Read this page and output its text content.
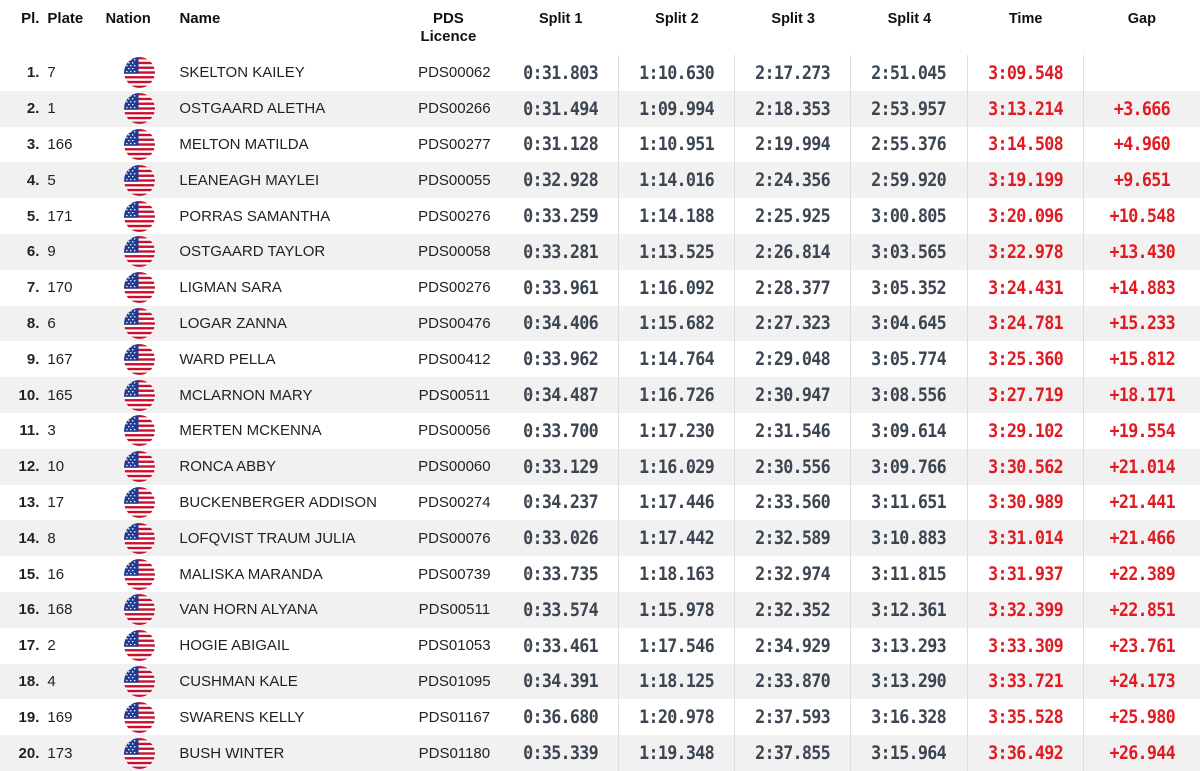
Pl. Plate	Nation	Name	PDS
Licence
Split 1	Split 2	Split 3	Split 4	Time	Gap
1. 7	SKELTON KAILEY	PDS00062	0:31.803 1:10.630 2:17.273 2:51.045 3:09.548
2. 1	OSTGAARD ALETHA	PDS00266	0:31.494 1:09.994 2:18.353 2:53.957 3:13.214	+3.666
3. 166	MELTON MATILDA	PDS00277	0:31.128 1:10.951 2:19.994 2:55.376 3:14.508	+4.960
4. 5	LEANEAGH MAYLEI	PDS00055	0:32.928 1:14.016 2:24.356 2:59.920 3:19.199	+9.651
5. 171	PORRAS SAMANTHA	PDS00276	0:33.259 1:14.188 2:25.925 3:00.805 3:20.096 +10.548
6. 9	OSTGAARD TAYLOR	PDS00058	0:33.281 1:13.525 2:26.814 3:03.565 3:22.978 +13.430
7. 170	LIGMAN SARA	PDS00276	0:33.961 1:16.092 2:28.377 3:05.352 3:24.431 +14.883
8. 6	LOGAR ZANNA	PDS00476	0:34.406 1:15.682 2:27.323 3:04.645 3:24.781 +15.233
9. 167	WARD PELLA	PDS00412	0:33.962 1:14.764 2:29.048 3:05.774 3:25.360 +15.812
10. 165	MCLARNON MARY	PDS00511	0:34.487 1:16.726 2:30.947 3:08.556 3:27.719 +18.171
11. 3	MERTEN MCKENNA	PDS00056	0:33.700 1:17.230 2:31.546 3:09.614 3:29.102 +19.554
12. 10	RONCA ABBY	PDS00060	0:33.129 1:16.029 2:30.556 3:09.766 3:30.562 +21.014
13. 17	BUCKENBERGER ADDISON	PDS00274	0:34.237 1:17.446 2:33.560 3:11.651 3:30.989 +21.441
14. 8	LOFQVIST TRAUM JULIA	PDS00076	0:33.026 1:17.442 2:32.589 3:10.883 3:31.014 +21.466
15. 16	MALISKA MARANDA	PDS00739	0:33.735 1:18.163 2:32.974 3:11.815 3:31.937 +22.389
16. 168	VAN HORN ALYANA	PDS00511	0:33.574 1:15.978 2:32.352 3:12.361 3:32.399 +22.851
17. 2	HOGIE ABIGAIL	PDS01053	0:33.461 1:17.546 2:34.929 3:13.293 3:33.309 +23.761
18. 4	CUSHMAN KALE	PDS01095	0:34.391 1:18.125 2:33.870 3:13.290 3:33.721 +24.173
19. 169	SWARENS KELLY	PDS01167	0:36.680 1:20.978 2:37.593 3:16.328 3:35.528 +25.980
20. 173	BUSH WINTER	PDS01180	0:35.339 1:19.348 2:37.855 3:15.964 3:36.492 +26.944
